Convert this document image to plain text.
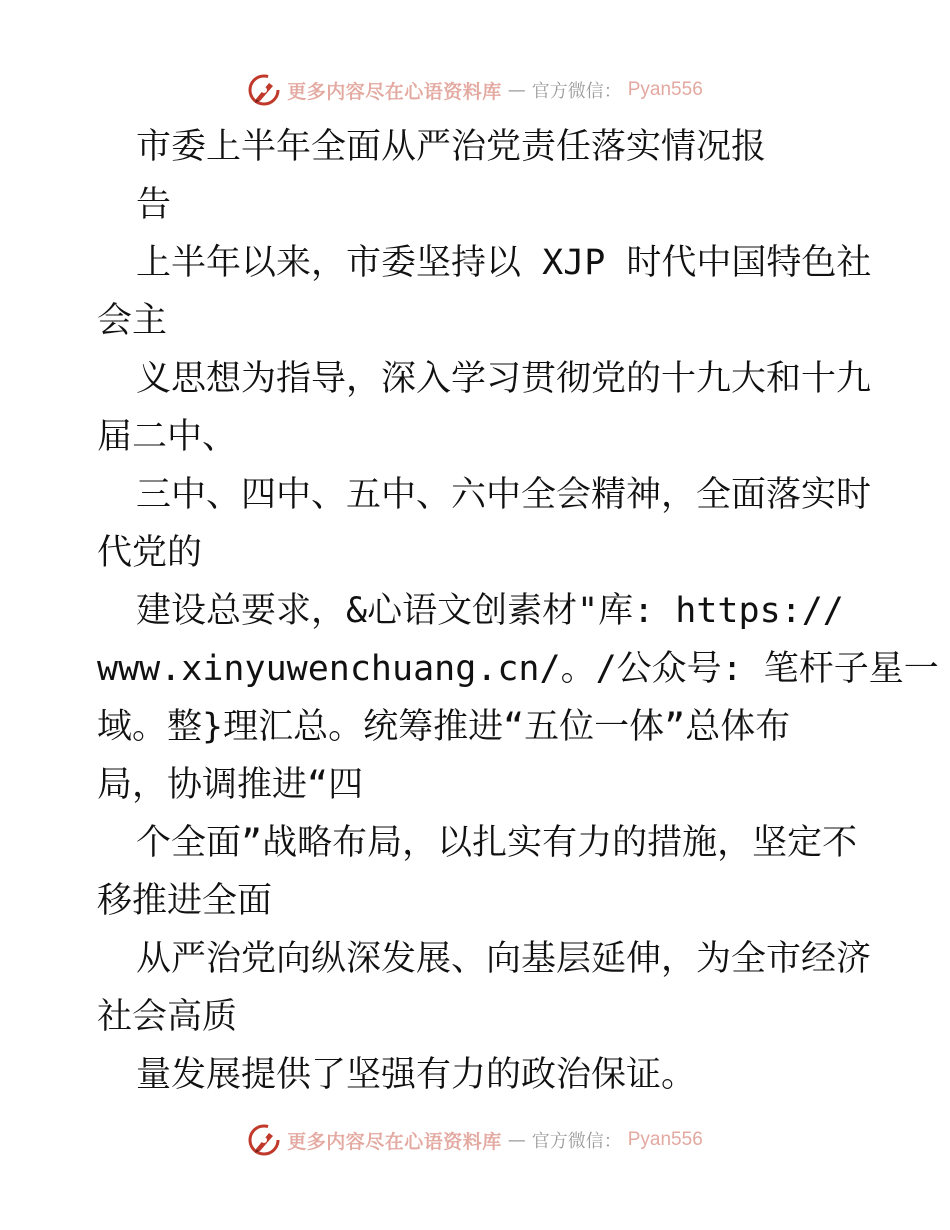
更多内容尽在心语资料库 — 官方微信： Pyan556
市委上半年全面从严治党责任落实情况报
告
上半年以来，市委坚持以 XJP 时代中国特色社
会主
义思想为指导，深入学习贯彻党的十九大和十九
届二中、
三中、四中、五中、六中全会精神，全面落实时
代党的
建设总要求，&心语文创素材"库: https://
www.xinyuwenchuang.cn/。/公众号: 笔杆子星一
域。整}理汇总。统筹推进“五位一体”总体布
局，协调推进“四
个全面”战略布局，以扎实有力的措施，坚定不
移推进全面
从严治党向纵深发展、向基层延伸，为全市经济
社会高质
量发展提供了坚强有力的政治保证。
更多内容尽在心语资料库 — 官方微信： Pyan556
